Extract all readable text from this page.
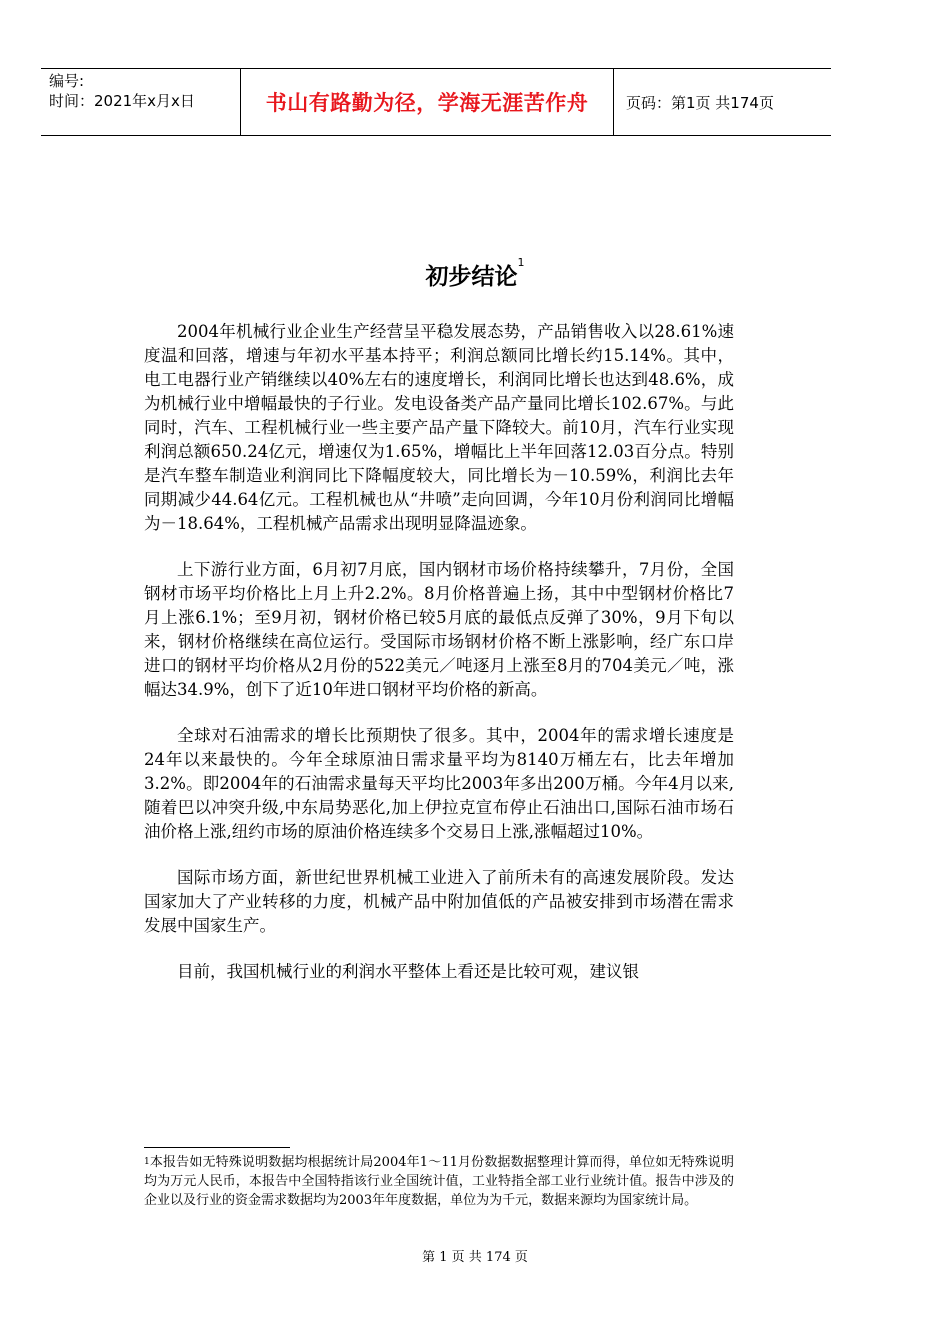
编号:
时间：2021年x月x日	书山有路勤为径，学海无涯苦作舟	页码：第1页 共174页
初步结论$^1$

2004年机械行业企业生产经营呈平稳发展态势，产品销售收入以28.61%速度温和回落，增速与年初水平基本持平；利润总额同比增长约15.14%。其中，电工电器行业产销继续以40%左右的速度增长，利润同比增长也达到48.6%，成为机械行业中增幅最快的子行业。发电设备类产品产量同比增长102.67%。与此同时，汽车、工程机械行业一些主要产品产量下降较大。前10月，汽车行业实现利润总额650.24亿元，增速仅为1.65%，增幅比上半年回落12.03百分点。特别是汽车整车制造业利润同比下降幅度较大，同比增长为－10.59%，利润比去年同期减少44.64亿元。工程机械也从“井喷”走向回调，今年10月份利润同比增幅为－18.64%，工程机械产品需求出现明显降温迹象。

上下游行业方面，6月初7月底，国内钢材市场价格持续攀升，7月份，全国钢材市场平均价格比上月上升2.2%。8月价格普遍上扬，其中中型钢材价格比7月上涨6.1%；至9月初，钢材价格已较5月底的最低点反弹了30%，9月下旬以来，钢材价格继续在高位运行。受国际市场钢材价格不断上涨影响，经广东口岸进口的钢材平均价格从2月份的522美元／吨逐月上涨至8月的704美元／吨，涨幅达34.9%，创下了近10年进口钢材平均价格的新高。

全球对石油需求的增长比预期快了很多。其中，2004年的需求增长速度是24年以来最快的。今年全球原油日需求量平均为8140万桶左右，比去年增加3.2%。即2004年的石油需求量每天平均比2003年多出200万桶。今年4月以来,随着巴以冲突升级,中东局势恶化,加上伊拉克宣布停止石油出口,国际石油市场石油价格上涨,纽约市场的原油价格连续多个交易日上涨,涨幅超过10%。

国际市场方面，新世纪世界机械工业进入了前所未有的高速发展阶段。发达国家加大了产业转移的力度，机械产品中附加值低的产品被安排到市场潜在需求发展中国家生产。

目前，我国机械行业的利润水平整体上看还是比较可观，建议银

$^1$本报告如无特殊说明数据均根据统计局2004年1～11月份数据数据整理计算而得，单位如无特殊说明均为万元人民币，本报告中全国特指该行业全国统计值，工业特指全部工业行业统计值。报告中涉及的企业以及行业的资金需求数据均为2003年年度数据，单位为为千元，数据来源均为国家统计局。
第 1 页 共 174 页
